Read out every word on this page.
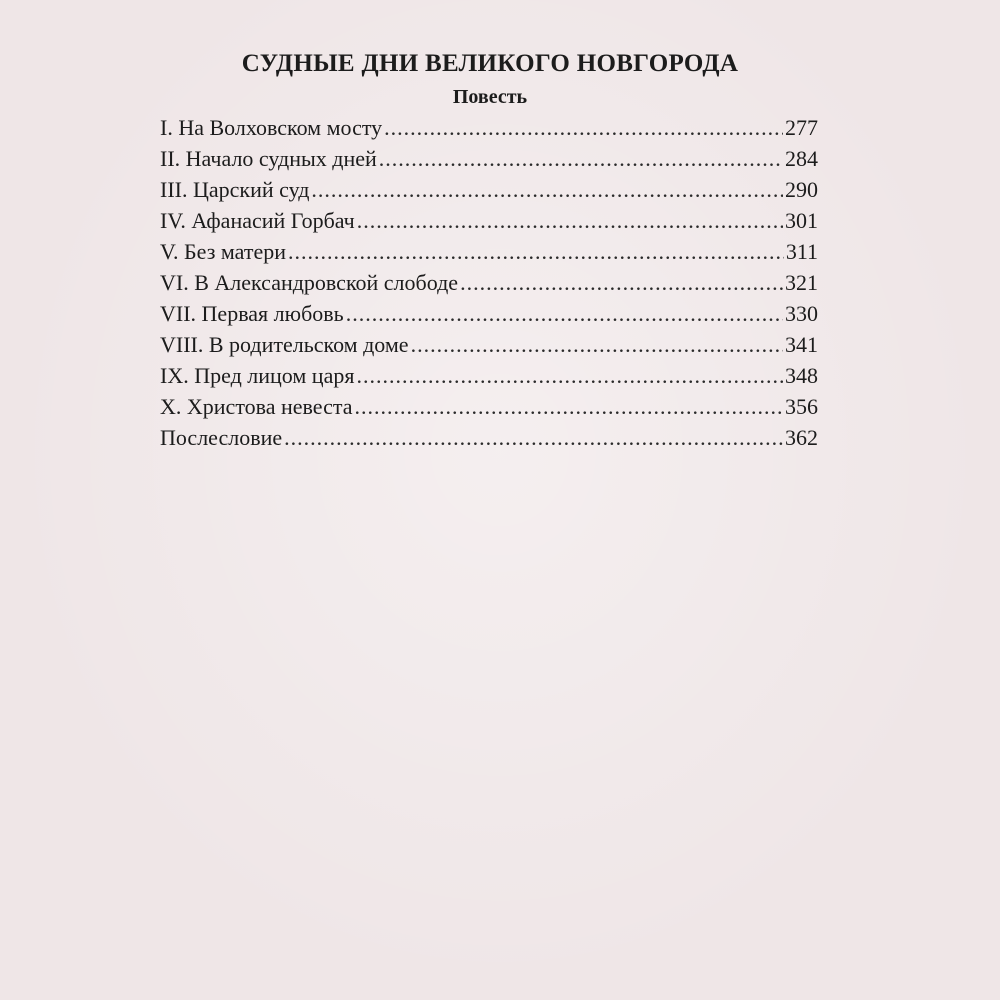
СУДНЫЕ ДНИ ВЕЛИКОГО НОВГОРОДА
Повесть
I. На Волховском мосту .....	277
II. Начало судных дней .....	284
III. Царский суд .....	290
IV. Афанасий Горбач .....	301
V. Без матери .....	311
VI. В Александровской слободе .....	321
VII. Первая любовь .....	330
VIII. В родительском доме .....	341
IX. Пред лицом царя .....	348
X. Христова невеста .....	356
Послесловие .....	362
